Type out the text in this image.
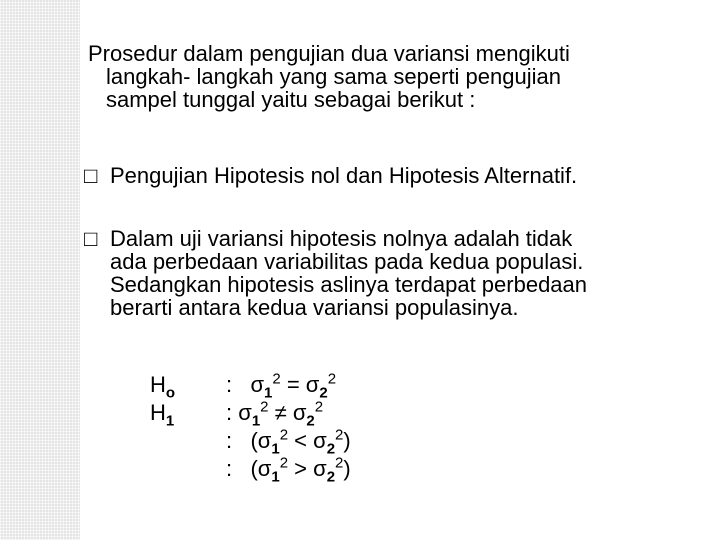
Prosedur dalam pengujian dua variansi mengikuti
langkah- langkah yang sama seperti pengujian
sampel tunggal yaitu sebagai berikut :
□ Pengujian Hipotesis nol dan Hipotesis Alternatif.
□ Dalam uji variansi hipotesis nolnya adalah tidak
ada perbedaan variabilitas pada kedua populasi.
Sedangkan hipotesis aslinya terdapat perbedaan
berarti antara kedua variansi populasinya.
$H_o$ :   $\sigma_1^2 = \sigma_2^2$
$H_1$ : $\sigma_1^2 \ne \sigma_2^2$
:   $(\sigma_1^2 < \sigma_2^2)$
:   $(\sigma_1^2 > \sigma_2^2)$
